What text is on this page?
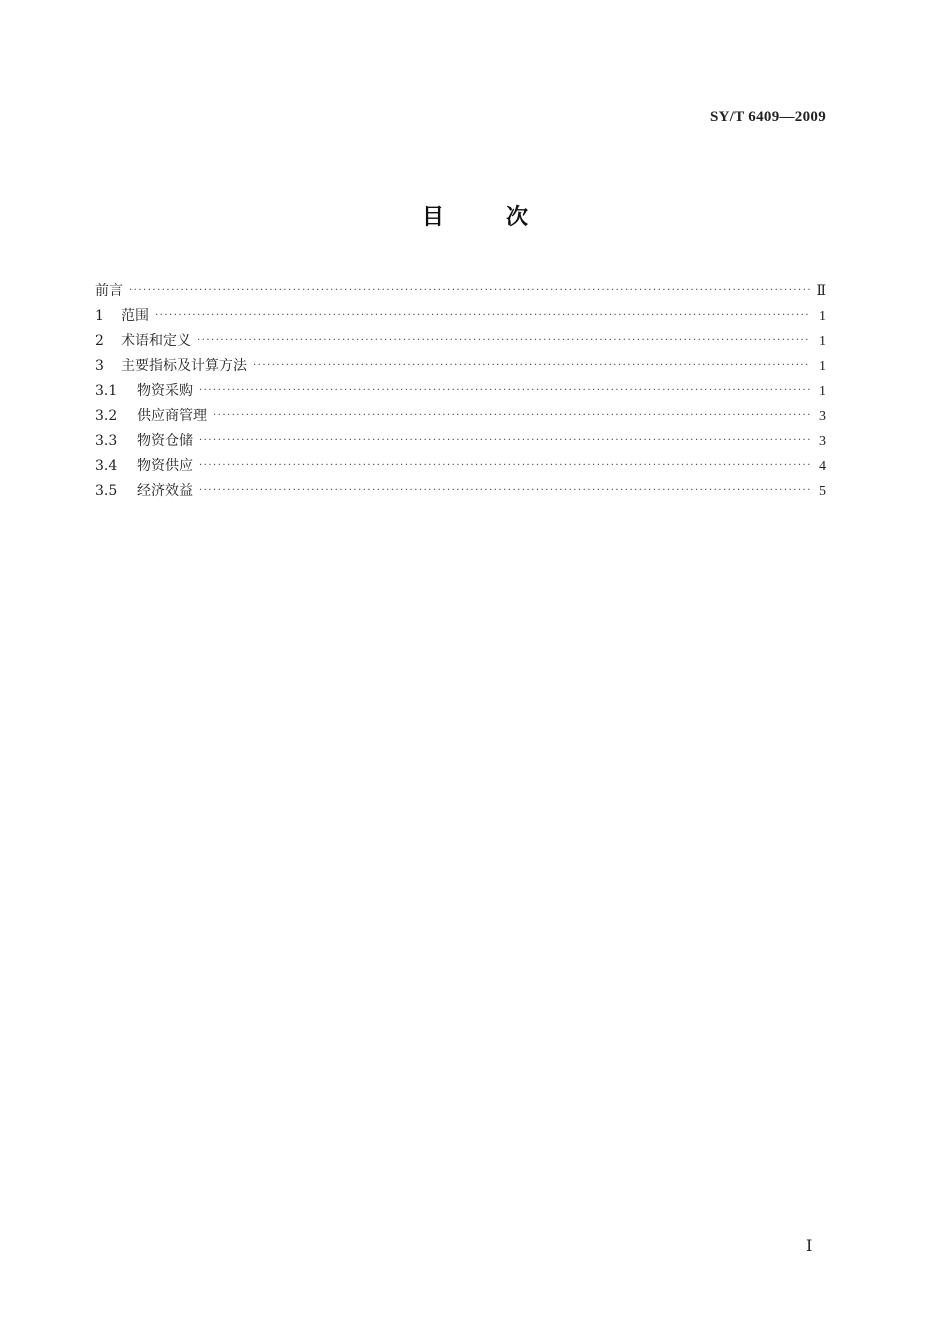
SY/T 6409—2009
目	次
前言 ·····	Ⅱ
1	范围 ·····	1
2	术语和定义 ·····	1
3	主要指标及计算方法 ·····	1
3.1	物资采购 ·····	1
3.2	供应商管理 ·····	3
3.3	物资仓储 ·····	3
3.4	物资供应 ·····	4
3.5	经济效益 ·····	5
Ⅰ
